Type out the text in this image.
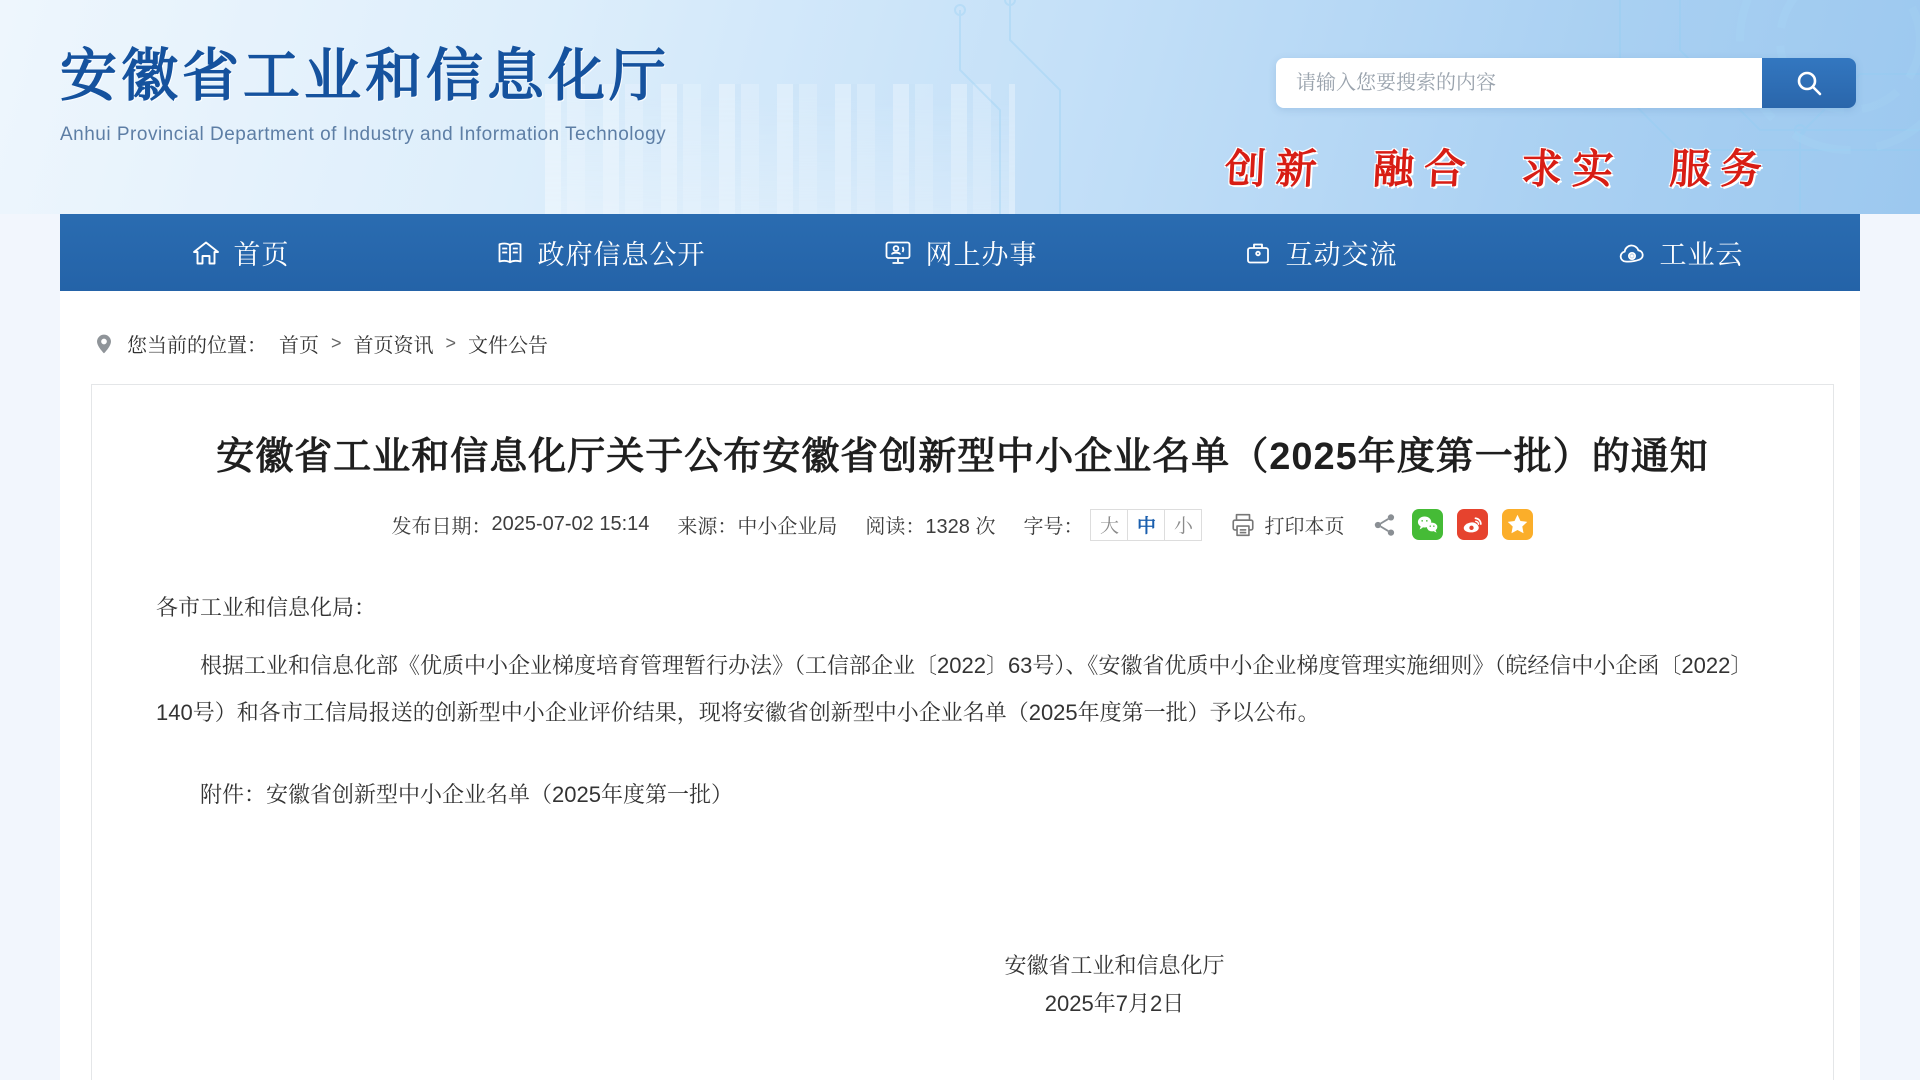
安徽省工业和信息化厅
Anhui Provincial Department of Industry and Information Technology
请输入您要搜索的内容
创新 融合 求实 服务
首页	政府信息公开	网上办事	互动交流	工业云
您当前的位置： 首页 > 首页资讯 > 文件公告
安徽省工业和信息化厅关于公布安徽省创新型中小企业名单（2025年度第一批）的通知
发布日期： 2025-07-02 15:14 来源： 中小企业局 阅读： 1328 次 字号： 大 中 小	打印本页

各市工业和信息化局：

根据工业和信息化部《优质中小企业梯度培育管理暂行办法》（工信部企业〔2022〕63号）、《安徽省优质中小企业梯度管理实施细则》（皖经信中小企函〔2022〕140号）和各市工信局报送的创新型中小企业评价结果，现将安徽省创新型中小企业名单（2025年度第一批）予以公布。

附件：安徽省创新型中小企业名单（2025年度第一批）

安徽省工业和信息化厅

2025年7月2日
